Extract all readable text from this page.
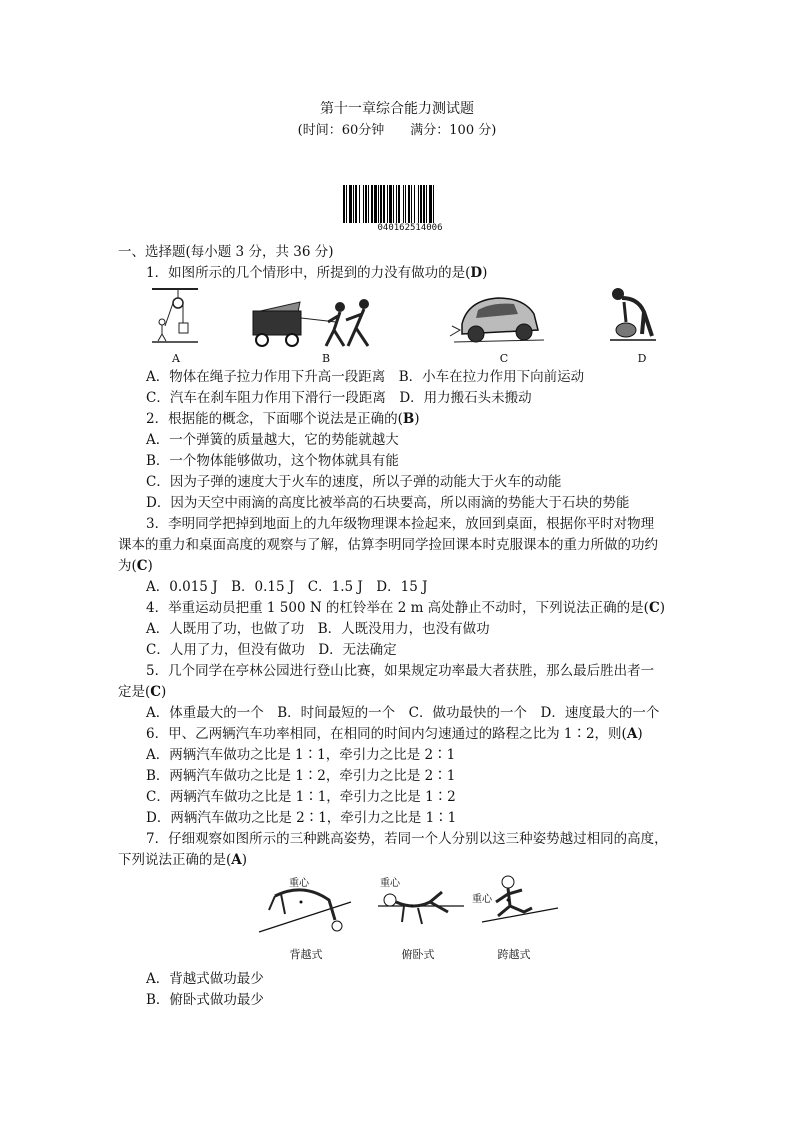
第十一章综合能力测试题
(时间：60分钟　　满分：100 分)
040162514006
一、选择题(每小题 3 分，共 36 分)
1．如图所示的几个情形中，所提到的力没有做功的是(D)
A	B	C	D
A．物体在绳子拉力作用下升高一段距离　B．小车在拉力作用下向前运动
C．汽车在刹车阻力作用下滑行一段距离　D．用力搬石头未搬动
2．根据能的概念，下面哪个说法是正确的(B)
A．一个弹簧的质量越大，它的势能就越大
B．一个物体能够做功，这个物体就具有能
C．因为子弹的速度大于火车的速度，所以子弹的动能大于火车的动能
D．因为天空中雨滴的高度比被举高的石块要高，所以雨滴的势能大于石块的势能
3．李明同学把掉到地面上的九年级物理课本捡起来，放回到桌面，根据你平时对物理
课本的重力和桌面高度的观察与了解，估算李明同学捡回课本时克服课本的重力所做的功约
为(C)
A．0.015 J　B．0.15 J　C．1.5 J　D．15 J
4．举重运动员把重 1 500 N 的杠铃举在 2 m 高处静止不动时，下列说法正确的是(C)
A．人既用了功，也做了功　B．人既没用力，也没有做功
C．人用了力，但没有做功　D．无法确定
5．几个同学在亭林公园进行登山比赛，如果规定功率最大者获胜，那么最后胜出者一
定是(C)
A．体重最大的一个　B．时间最短的一个　C．做功最快的一个　D．速度最大的一个
6．甲、乙两辆汽车功率相同，在相同的时间内匀速通过的路程之比为 1∶2，则(A)
A．两辆汽车做功之比是 1∶1，牵引力之比是 2∶1
B．两辆汽车做功之比是 1∶2，牵引力之比是 2∶1
C．两辆汽车做功之比是 1∶1，牵引力之比是 1∶2
D．两辆汽车做功之比是 2∶1，牵引力之比是 1∶1
7．仔细观察如图所示的三种跳高姿势，若同一个人分别以这三种姿势越过相同的高度，
下列说法正确的是(A)
重心	重心
重心
背越式	俯卧式	跨越式
A．背越式做功最少
B．俯卧式做功最少
